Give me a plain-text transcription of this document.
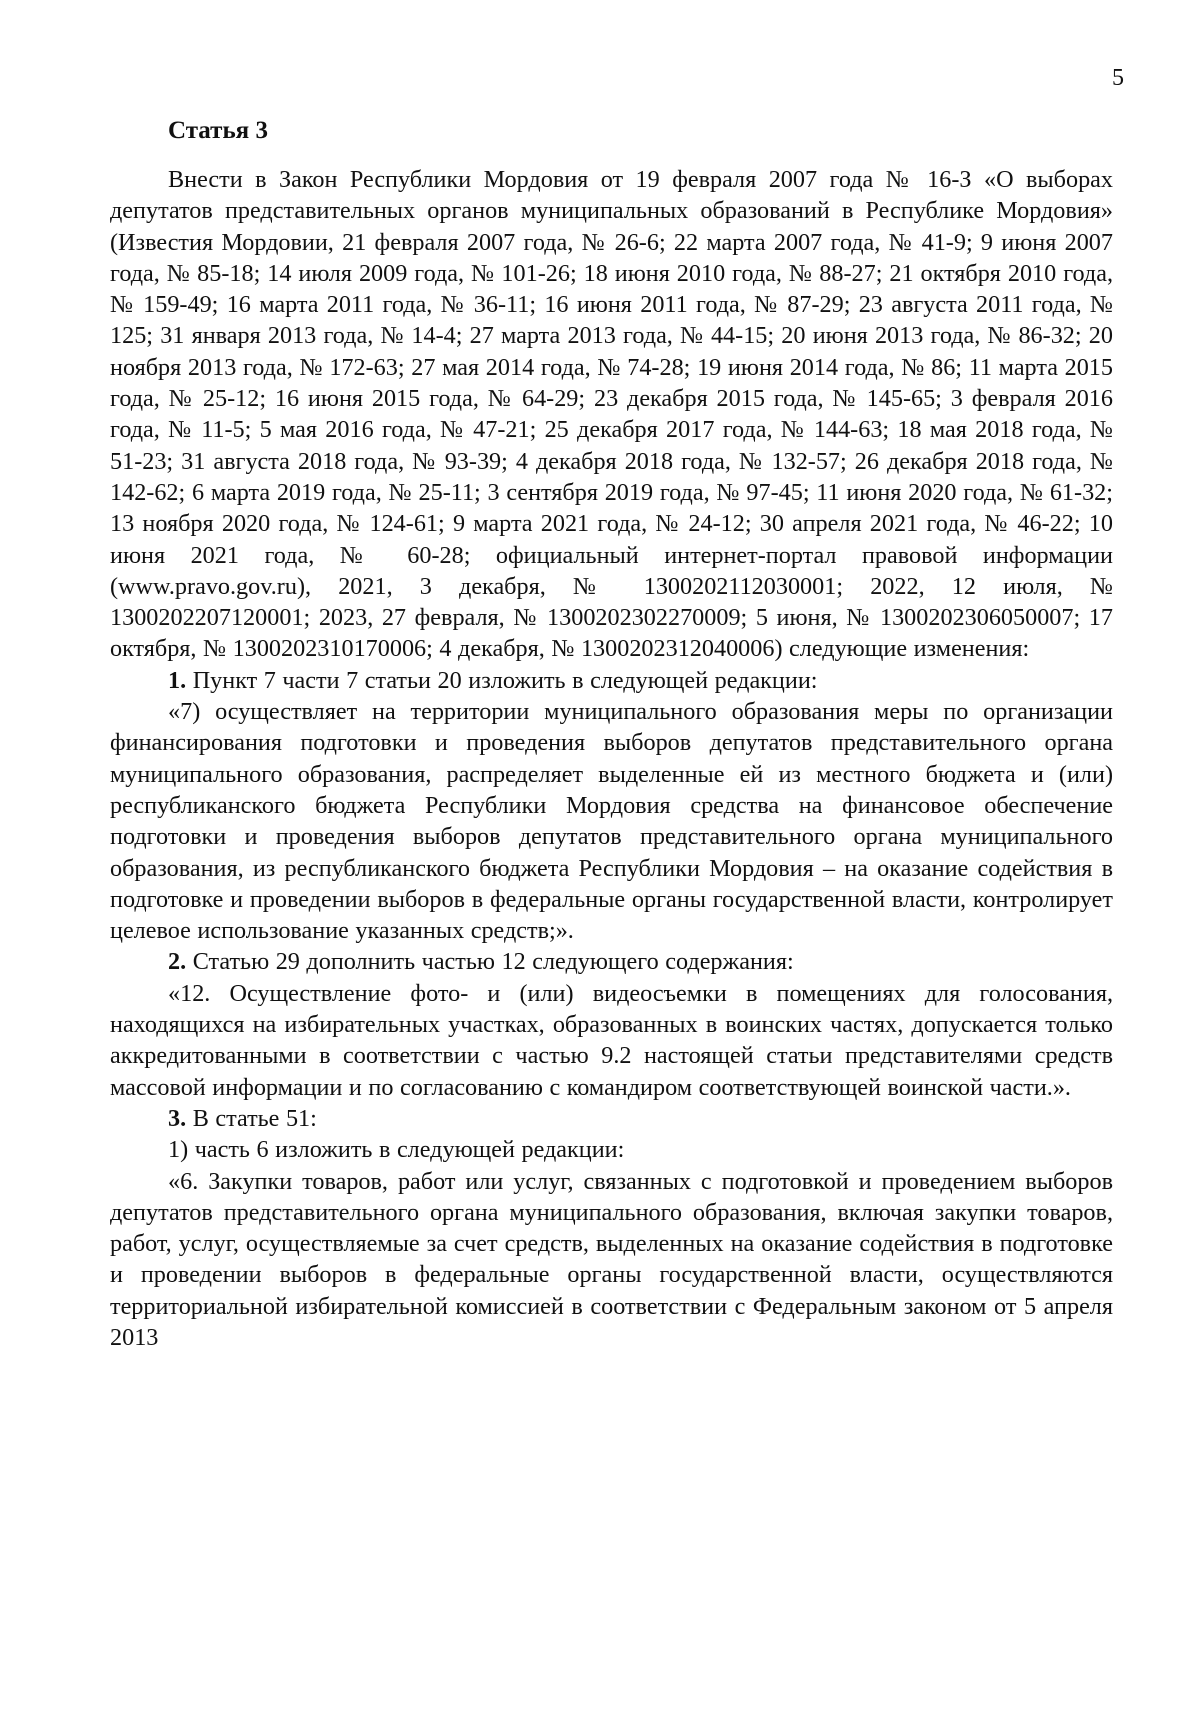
5
Статья 3

Внести в Закон Республики Мордовия от 19 февраля 2007 года № 16-З «О выборах депутатов представительных органов муниципальных образований в Республике Мордовия» (Известия Мордовии, 21 февраля 2007 года, № 26-6; 22 марта 2007 года, № 41-9; 9 июня 2007 года, № 85-18; 14 июля 2009 года, № 101-26; 18 июня 2010 года, № 88-27; 21 октября 2010 года, № 159-49; 16 марта 2011 года, № 36-11; 16 июня 2011 года, № 87-29; 23 августа 2011 года, № 125; 31 января 2013 года, № 14-4; 27 марта 2013 года, № 44-15; 20 июня 2013 года, № 86-32; 20 ноября 2013 года, № 172-63; 27 мая 2014 года, № 74-28; 19 июня 2014 года, № 86; 11 марта 2015 года, № 25-12; 16 июня 2015 года, № 64-29; 23 декабря 2015 года, № 145-65; 3 февраля 2016 года, № 11-5; 5 мая 2016 года, № 47-21; 25 декабря 2017 года, № 144-63; 18 мая 2018 года, № 51-23; 31 августа 2018 года, № 93-39; 4 декабря 2018 года, № 132-57; 26 декабря 2018 года, № 142-62; 6 марта 2019 года, № 25-11; 3 сентября 2019 года, № 97-45; 11 июня 2020 года, № 61-32; 13 ноября 2020 года, № 124-61; 9 марта 2021 года, № 24-12; 30 апреля 2021 года, № 46-22; 10 июня 2021 года, № 60-28; официальный интернет-портал правовой информации (www.pravo.gov.ru), 2021, 3 декабря, № 1300202112030001; 2022, 12 июля, № 1300202207120001; 2023, 27 февраля, № 1300202302270009; 5 июня, № 1300202306050007; 17 октября, № 1300202310170006; 4 декабря, № 1300202312040006) следующие изменения:

1. Пункт 7 части 7 статьи 20 изложить в следующей редакции:

«7) осуществляет на территории муниципального образования меры по организации финансирования подготовки и проведения выборов депутатов представительного органа муниципального образования, распределяет выделенные ей из местного бюджета и (или) республиканского бюджета Республики Мордовия средства на финансовое обеспечение подготовки и проведения выборов депутатов представительного органа муниципального образования, из республиканского бюджета Республики Мордовия – на оказание содействия в подготовке и проведении выборов в федеральные органы государственной власти, контролирует целевое использование указанных средств;».

2. Статью 29 дополнить частью 12 следующего содержания:

«12. Осуществление фото- и (или) видеосъемки в помещениях для голосования, находящихся на избирательных участках, образованных в воинских частях, допускается только аккредитованными в соответствии с частью 9.2 настоящей статьи представителями средств массовой информации и по согласованию с командиром соответствующей воинской части.».

3. В статье 51:

1) часть 6 изложить в следующей редакции:

«6. Закупки товаров, работ или услуг, связанных с подготовкой и проведением выборов депутатов представительного органа муниципального образования, включая закупки товаров, работ, услуг, осуществляемые за счет средств, выделенных на оказание содействия в подготовке и проведении выборов в федеральные органы государственной власти, осуществляются территориальной избирательной комиссией в соответствии с Федеральным законом от 5 апреля 2013
